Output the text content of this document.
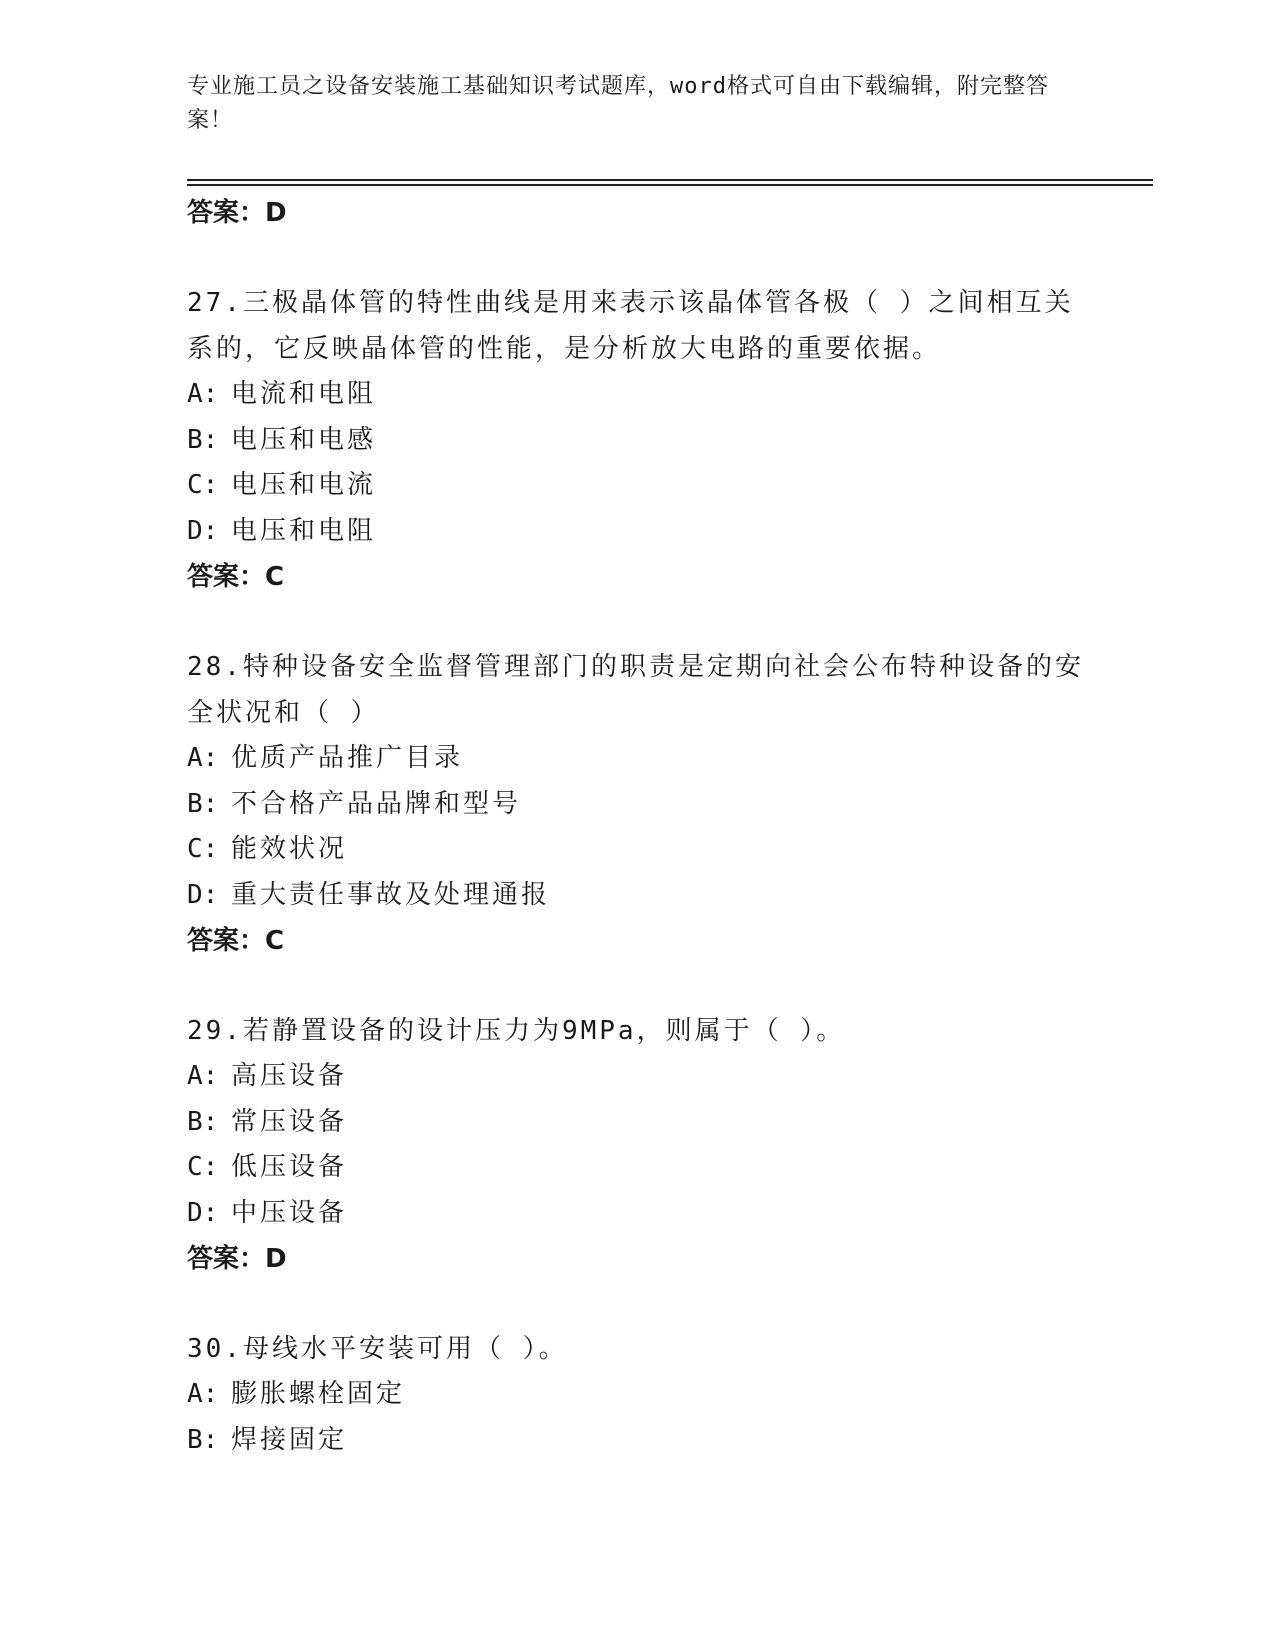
专业施工员之设备安装施工基础知识考试题库，word格式可自由下载编辑，附完整答案！
答案：D
27.三极晶体管的特性曲线是用来表示该晶体管各极（ ）之间相互关系的，它反映晶体管的性能，是分析放大电路的重要依据。
A: 电流和电阻
B: 电压和电感
C: 电压和电流
D: 电压和电阻
答案：C
28.特种设备安全监督管理部门的职责是定期向社会公布特种设备的安全状况和（ ）
A: 优质产品推广目录
B: 不合格产品品牌和型号
C: 能效状况
D: 重大责任事故及处理通报
答案：C
29.若静置设备的设计压力为9MPa，则属于（ ）。
A: 高压设备
B: 常压设备
C: 低压设备
D: 中压设备
答案：D
30.母线水平安装可用（ ）。
A: 膨胀螺栓固定
B: 焊接固定
